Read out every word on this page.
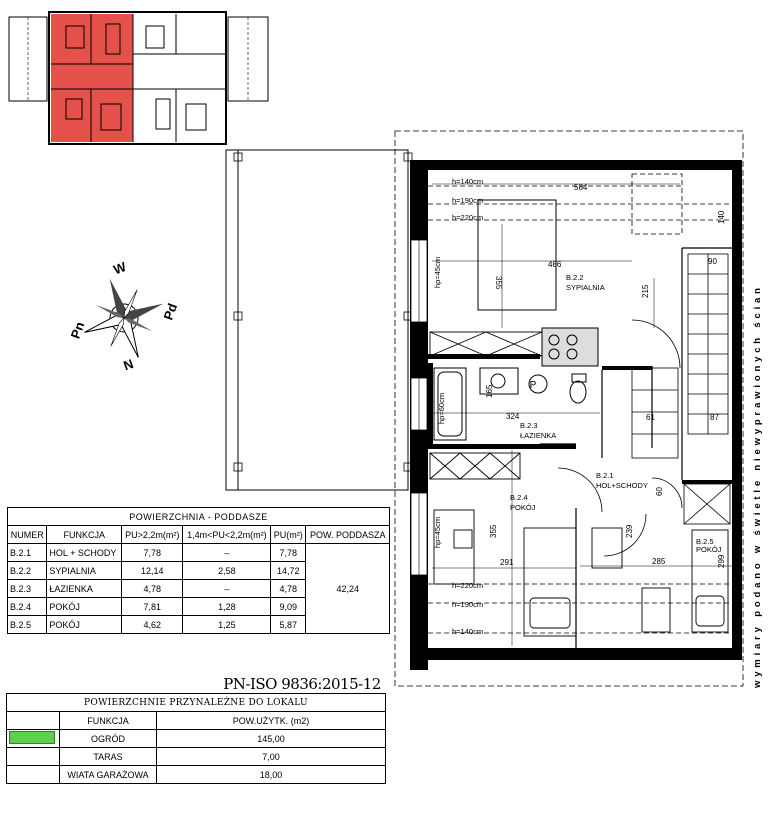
W
N
Pd
Pn
P
584
355
486
215
140
90
165
324	61	87
60
239
355
291	285	299
h=140cm
h=190cm
h=220cm
h=220cm
h=190cm
h=140cm
hp=45cm
hp=60cm
hp=45cm
B.2.2
SYPIALNIA
B.2.3
ŁAZIENKA
B.2.1
HOL+SCHODY
B.2.4
POKÓJ
B.2.5
POKÓJ
wymiary podano w świetle niewyprawionych ścian
POWIERZCHNIA - PODDASZE					
NUMER	FUNKCJA	PU>2,2m(m²)	1,4m<PU<2,2m(m²)	PU(m²)	POW. PODDASZA
B.2.1	HOL + SCHODY	7,78	–	7,78	42,24
B.2.2	SYPIALNIA	12,14	2,58	14,72	
B.2.3	ŁAZIENKA	4,78	–	4,78	
B.2.4	POKÓJ	7,81	1,28	9,09	
B.2.5	POKÓJ	4,62	1,25	5,87	
PN-ISO 9836:2015-12
POWIERZCHNIE PRZYNALEŻNE DO LOKALU		
	FUNKCJA	POW.UŻYTK. (m2)
	OGRÓD	145,00
	TARAS	7,00
	WIATA GARAŻOWA	18,00
